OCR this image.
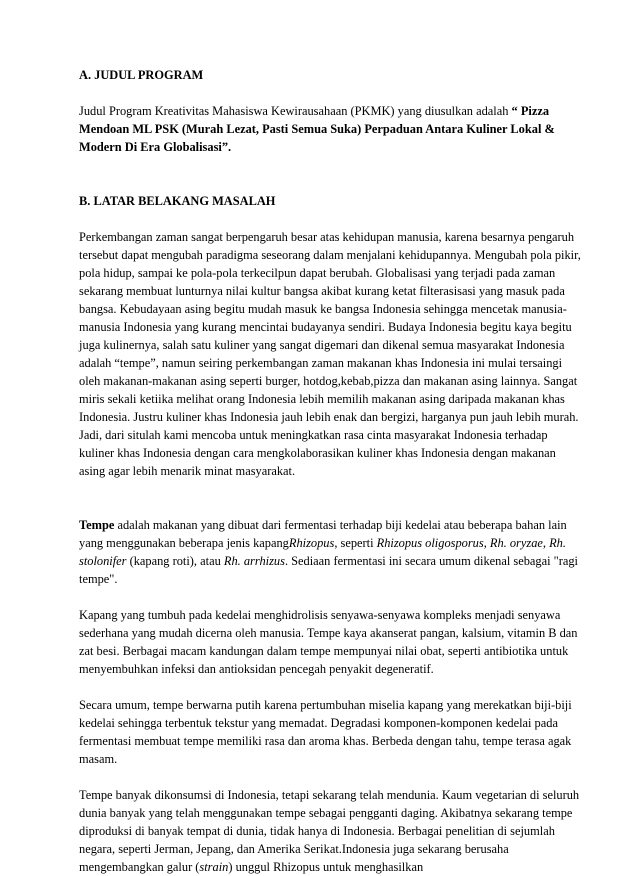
A. JUDUL PROGRAM

Judul Program Kreativitas Mahasiswa Kewirausahaan (PKMK) yang diusulkan adalah “ Pizza Mendoan ML PSK (Murah Lezat, Pasti Semua Suka) Perpaduan Antara Kuliner Lokal & Modern Di Era Globalisasi”.

B. LATAR BELAKANG MASALAH

Perkembangan zaman sangat berpengaruh besar atas kehidupan manusia, karena besarnya pengaruh tersebut dapat mengubah paradigma seseorang dalam menjalani kehidupannya. Mengubah pola pikir, pola hidup, sampai ke pola-pola terkecilpun dapat berubah. Globalisasi yang terjadi pada zaman sekarang membuat lunturnya nilai kultur bangsa akibat kurang ketat filterasisasi yang masuk pada bangsa. Kebudayaan asing begitu mudah masuk ke bangsa Indonesia sehingga mencetak manusia-manusia Indonesia yang kurang mencintai budayanya sendiri. Budaya Indonesia begitu kaya begitu juga kulinernya, salah satu kuliner yang sangat digemari dan dikenal semua masyarakat Indonesia adalah “tempe”, namun seiring perkembangan zaman makanan khas Indonesia ini mulai tersaingi oleh makanan-makanan asing seperti burger, hotdog,kebab,pizza dan makanan asing lainnya. Sangat miris sekali ketiika melihat orang Indonesia lebih memilih makanan asing daripada makanan khas Indonesia. Justru kuliner khas Indonesia jauh lebih enak dan bergizi, harganya pun jauh lebih murah. Jadi, dari situlah kami mencoba untuk meningkatkan rasa cinta masyarakat Indonesia terhadap kuliner khas Indonesia dengan cara mengkolaborasikan kuliner khas Indonesia dengan makanan asing agar lebih menarik minat masyarakat.

Tempe adalah makanan yang dibuat dari fermentasi terhadap biji kedelai atau beberapa bahan lain yang menggunakan beberapa jenis kapangRhizopus, seperti Rhizopus oligosporus, Rh. oryzae, Rh. stolonifer (kapang roti), atau Rh. arrhizus. Sediaan fermentasi ini secara umum dikenal sebagai "ragi tempe".

Kapang yang tumbuh pada kedelai menghidrolisis senyawa-senyawa kompleks menjadi senyawa sederhana yang mudah dicerna oleh manusia. Tempe kaya akanserat pangan, kalsium, vitamin B dan zat besi. Berbagai macam kandungan dalam tempe mempunyai nilai obat, seperti antibiotika untuk menyembuhkan infeksi dan antioksidan pencegah penyakit degeneratif.

Secara umum, tempe berwarna putih karena pertumbuhan miselia kapang yang merekatkan biji-biji kedelai sehingga terbentuk tekstur yang memadat. Degradasi komponen-komponen kedelai pada fermentasi membuat tempe memiliki rasa dan aroma khas. Berbeda dengan tahu, tempe terasa agak masam.

Tempe banyak dikonsumsi di Indonesia, tetapi sekarang telah mendunia. Kaum vegetarian di seluruh dunia banyak yang telah menggunakan tempe sebagai pengganti daging. Akibatnya sekarang tempe diproduksi di banyak tempat di dunia, tidak hanya di Indonesia. Berbagai penelitian di sejumlah negara, seperti Jerman, Jepang, dan Amerika Serikat.Indonesia juga sekarang berusaha mengembangkan galur (strain) unggul Rhizopus untuk menghasilkan
